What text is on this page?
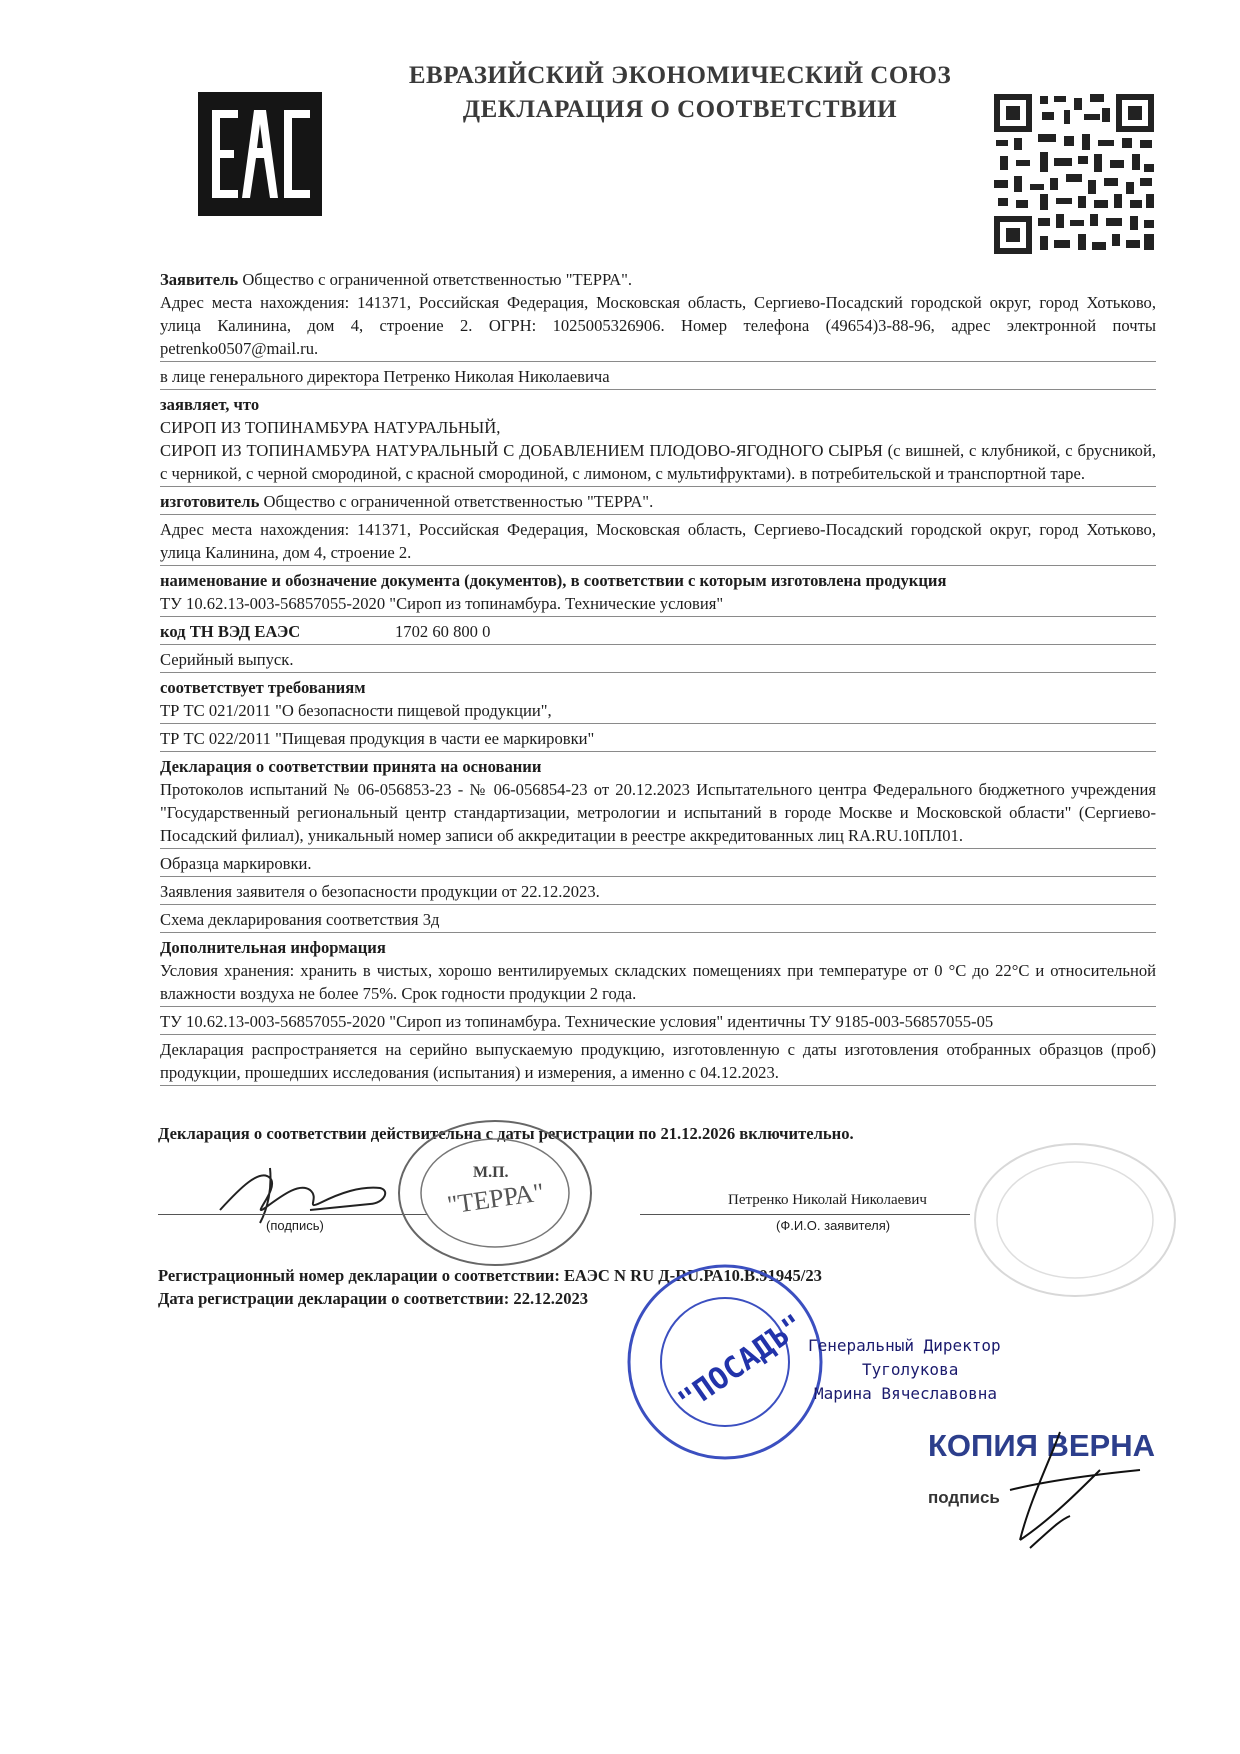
ЕВРАЗИЙСКИЙ ЭКОНОМИЧЕСКИЙ СОЮЗ
ДЕКЛАРАЦИЯ О СООТВЕТСТВИИ
Заявитель Общество с ограниченной ответственностью "ТЕРРА".
Адрес места нахождения: 141371, Российская Федерация, Московская область, Сергиево-Посадский городской округ, город Хотьково, улица Калинина, дом 4, строение 2. ОГРН: 1025005326906. Номер телефона (49654)3-88-96, адрес электронной почты petrenko0507@mail.ru.
в лице генерального директора Петренко Николая Николаевича
заявляет, что
СИРОП ИЗ ТОПИНАМБУРА НАТУРАЛЬНЫЙ,
СИРОП ИЗ ТОПИНАМБУРА НАТУРАЛЬНЫЙ С ДОБАВЛЕНИЕМ ПЛОДОВО-ЯГОДНОГО СЫРЬЯ (с вишней, с клубникой, с брусникой, с черникой, с черной смородиной, с красной смородиной, с лимоном, с мультифруктами). в потребительской и транспортной таре.
изготовитель Общество с ограниченной ответственностью "ТЕРРА".
Адрес места нахождения: 141371, Российская Федерация, Московская область, Сергиево-Посадский городской округ, город Хотьково, улица Калинина, дом 4, строение 2.
наименование и обозначение документа (документов), в соответствии с которым изготовлена продукция
ТУ 10.62.13-003-56857055-2020 "Сироп из топинамбура. Технические условия"
код ТН ВЭД ЕАЭС	1702 60 800 0
Серийный выпуск.
соответствует требованиям
ТР ТС 021/2011 "О безопасности пищевой продукции",
ТР ТС 022/2011 "Пищевая продукция в части ее маркировки"
Декларация о соответствии принята на основании
Протоколов испытаний № 06-056853-23 - № 06-056854-23 от 20.12.2023 Испытательного центра Федерального бюджетного учреждения "Государственный региональный центр стандартизации, метрологии и испытаний в городе Москве и Московской области" (Сергиево-Посадский филиал), уникальный номер записи об аккредитации в реестре аккредитованных лиц RA.RU.10ПЛ01.
Образца маркировки.
Заявления заявителя о безопасности продукции от 22.12.2023.
Схема декларирования соответствия 3д
Дополнительная информация
Условия хранения: хранить в чистых, хорошо вентилируемых складских помещениях при температуре от 0 °С до 22°С и относительной влажности воздуха не более 75%. Срок годности продукции 2 года.
ТУ 10.62.13-003-56857055-2020 "Сироп из топинамбура. Технические условия" идентичны ТУ 9185-003-56857055-05
Декларация распространяется на серийно выпускаемую продукцию, изготовленную с даты изготовления отобранных образцов (проб) продукции, прошедших исследования (испытания) и измерения, а именно с 04.12.2023.
Декларация о соответствии действительна с даты регистрации по 21.12.2026 включительно.
(подпись)
М.П.
"ТЕРРА"	Петренко Николай Николаевич
(Ф.И.О. заявителя)
Регистрационный номер декларации о соответствии: ЕАЭС N RU Д-RU.РА10.В.91945/23
Дата регистрации декларации о соответствии: 22.12.2023
"ПОСАДЪ"
Генеральный Директор
Туголукова
Марина Вячеславовна
КОПИЯ ВЕРНА
подпись
